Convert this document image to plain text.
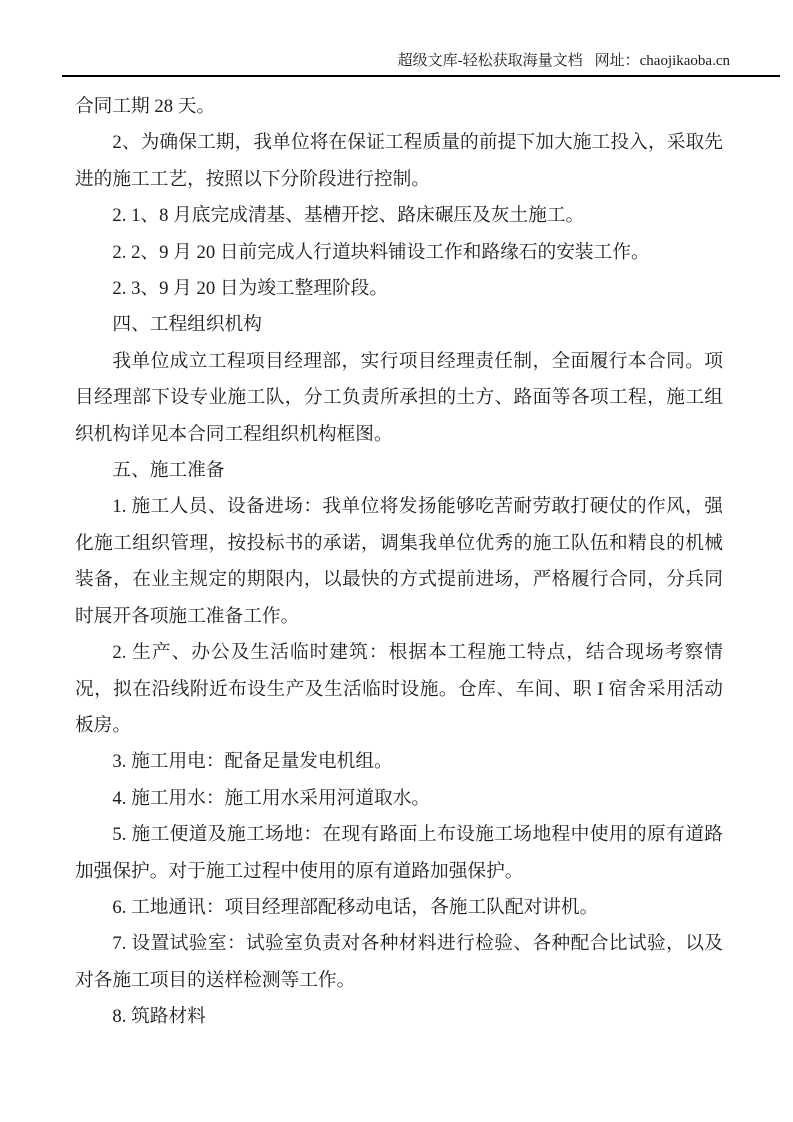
超级文库-轻松获取海量文档 网址：chaojikaoba.cn

合同工期 28 天。

2、为确保工期，我单位将在保证工程质量的前提下加大施工投入，采取先进的施工工艺，按照以下分阶段进行控制。

2. 1、8 月底完成清基、基槽开挖、路床碾压及灰土施工。

2. 2、9 月 20 日前完成人行道块料铺设工作和路缘石的安装工作。

2. 3、9 月 20 日为竣工整理阶段。

四、工程组织机构

我单位成立工程项目经理部，实行项目经理责任制，全面履行本合同。项目经理部下设专业施工队，分工负责所承担的土方、路面等各项工程，施工组织机构详见本合同工程组织机构框图。

五、施工准备

1. 施工人员、设备进场：我单位将发扬能够吃苦耐劳敢打硬仗的作风，强化施工组织管理，按投标书的承诺，调集我单位优秀的施工队伍和精良的机械装备，在业主规定的期限内，以最快的方式提前进场，严格履行合同，分兵同时展开各项施工准备工作。

2. 生产、办公及生活临时建筑：根据本工程施工特点，结合现场考察情况，拟在沿线附近布设生产及生活临时设施。仓库、车间、职 I 宿舍采用活动板房。

3. 施工用电：配备足量发电机组。

4. 施工用水：施工用水采用河道取水。

5. 施工便道及施工场地：在现有路面上布设施工场地程中使用的原有道路加强保护。对于施工过程中使用的原有道路加强保护。

6. 工地通讯：项目经理部配移动电话，各施工队配对讲机。

7. 设置试验室：试验室负责对各种材料进行检验、各种配合比试验，以及对各施工项目的送样检测等工作。

8. 筑路材料
